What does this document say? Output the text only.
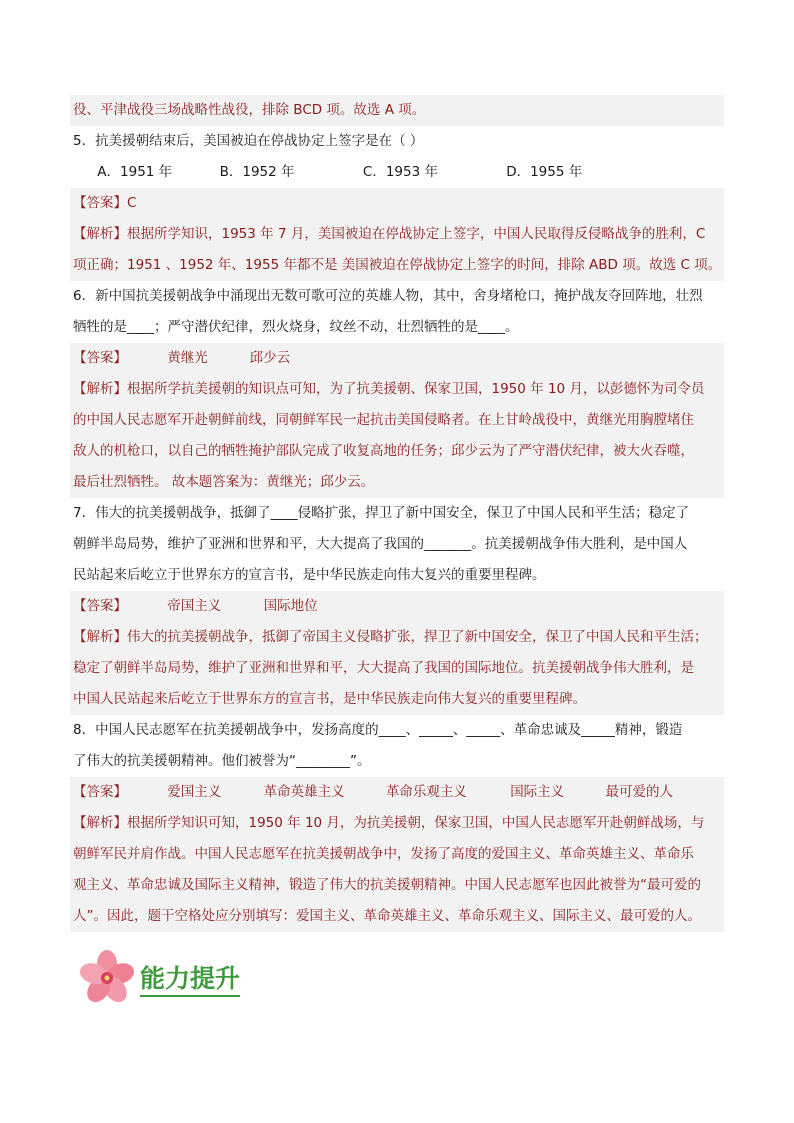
役、平津战役三场战略性战役，排除 BCD 项。故选 A 项。
5．抗美援朝结束后，美国被迫在停战协定上签字是在（ ）
A．1951 年	B．1952 年	C．1953 年	D．1955 年
【答案】C
【解析】根据所学知识，1953 年 7 月，美国被迫在停战协定上签字，中国人民取得反侵略战争的胜利，C
项正确；1951 、1952 年、1955 年都不是 美国被迫在停战协定上签字的时间，排除 ABD 项。故选 C 项。
6．新中国抗美援朝战争中涌现出无数可歌可泣的英雄人物，其中，舍身堵枪口，掩护战友夺回阵地，壮烈
牺牲的是____；严守潜伏纪律，烈火烧身，纹丝不动，壮烈牺牲的是____。
【答案】	黄继光	邱少云
【解析】根据所学抗美援朝的知识点可知，为了抗美援朝、保家卫国，1950 年 10 月，以彭德怀为司令员
的中国人民志愿军开赴朝鲜前线，同朝鲜军民一起抗击美国侵略者。在上甘岭战役中，黄继光用胸膛堵住
敌人的机枪口，以自己的牺牲掩护部队完成了收复高地的任务；邱少云为了严守潜伏纪律，被大火吞噬，
最后壮烈牺牲。 故本题答案为：黄继光；邱少云。
7．伟大的抗美援朝战争，抵御了____侵略扩张，捍卫了新中国安全，保卫了中国人民和平生活；稳定了
朝鲜半岛局势，维护了亚洲和世界和平，大大提高了我国的_______。抗美援朝战争伟大胜利，是中国人
民站起来后屹立于世界东方的宣言书，是中华民族走向伟大复兴的重要里程碑。
【答案】	帝国主义	国际地位
【解析】伟大的抗美援朝战争，抵御了帝国主义侵略扩张，捍卫了新中国安全，保卫了中国人民和平生活；
稳定了朝鲜半岛局势，维护了亚洲和世界和平，大大提高了我国的国际地位。抗美援朝战争伟大胜利，是
中国人民站起来后屹立于世界东方的宣言书，是中华民族走向伟大复兴的重要里程碑。
8．中国人民志愿军在抗美援朝战争中，发扬高度的____、_____、_____、革命忠诚及_____精神，锻造
了伟大的抗美援朝精神。他们被誉为“________”。
【答案】	爱国主义	革命英雄主义	革命乐观主义	国际主义	最可爱的人
【解析】根据所学知识可知，1950 年 10 月，为抗美援朝，保家卫国，中国人民志愿军开赴朝鲜战场，与
朝鲜军民并肩作战。中国人民志愿军在抗美援朝战争中，发扬了高度的爱国主义、革命英雄主义、革命乐
观主义、革命忠诚及国际主义精神，锻造了伟大的抗美援朝精神。中国人民志愿军也因此被誉为“最可爱的
人”。因此，题干空格处应分别填写：爱国主义、革命英雄主义、革命乐观主义、国际主义、最可爱的人。
能力提升
